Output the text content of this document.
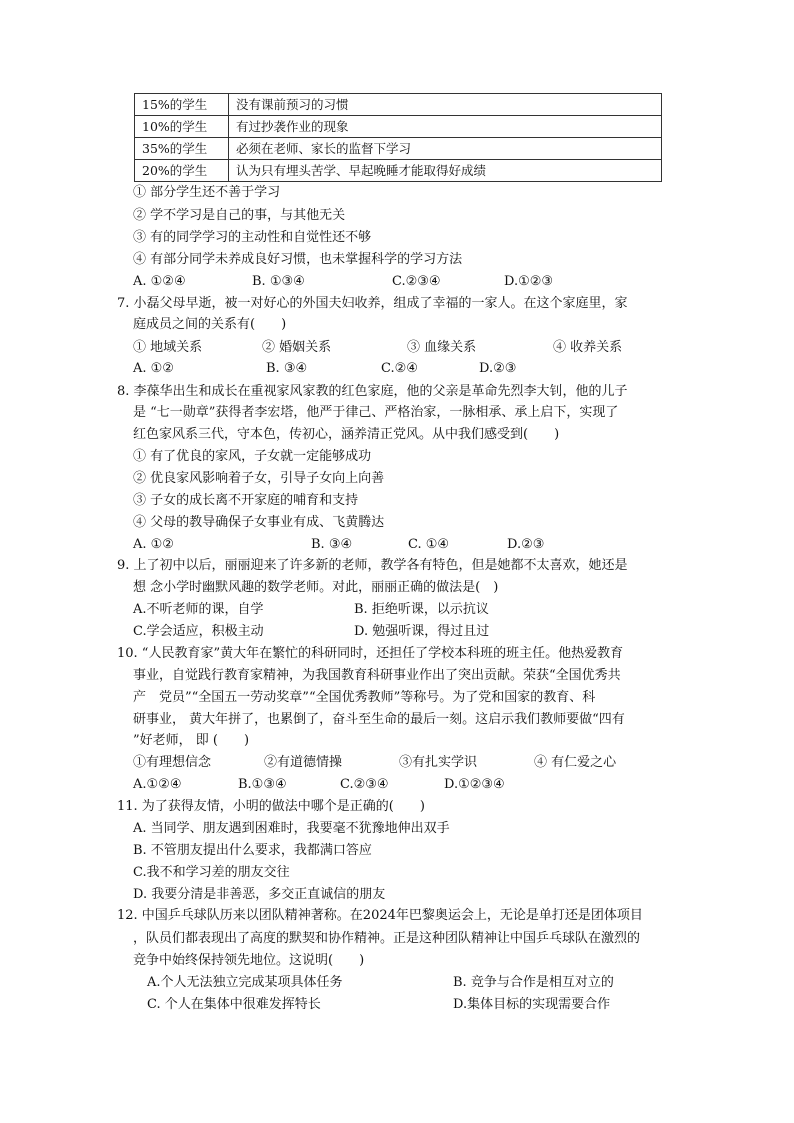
15%的学生	没有课前预习的习惯
10%的学生	有过抄袭作业的现象
35%的学生	必须在老师、家长的监督下学习
20%的学生	认为只有埋头苦学、早起晚睡才能取得好成绩
① 部分学生还不善于学习
② 学不学习是自己的事，与其他无关
③ 有的同学学习的主动性和自觉性还不够
④ 有部分同学未养成良好习惯，也未掌握科学的学习方法
A. ①②④	B. ①③④	C.②③④	D.①②③
7. 小磊父母早逝，被一对好心的外国夫妇收养，组成了幸福的一家人。在这个家庭里，家
庭成员之间的关系有(　　)
① 地域关系	② 婚姻关系	③ 血缘关系	④ 收养关系
A. ①②	B. ③④	C.②④	D.②③
8. 李葆华出生和成长在重视家风家教的红色家庭，他的父亲是革命先烈李大钊，他的儿子
是 “七一勋章”获得者李宏塔，他严于律己、严格治家，一脉相承、承上启下，实现了
红色家风系三代，守本色，传初心，涵养清正党风。从中我们感受到(　　)
① 有了优良的家风，子女就一定能够成功
② 优良家风影响着子女，引导子女向上向善
③ 子女的成长离不开家庭的哺育和支持
④ 父母的教导确保子女事业有成、飞黄腾达
A. ①②	B. ③④	C. ①④	D.②③
9. 上了初中以后，丽丽迎来了许多新的老师，教学各有特色，但是她都不太喜欢，她还是
想 念小学时幽默风趣的数学老师。对此，丽丽正确的做法是(　)
A.不听老师的课，自学	B. 拒绝听课，以示抗议
C.学会适应，积极主动	D. 勉强听课，得过且过
10. “人民教育家”黄大年在繁忙的科研同时，还担任了学校本科班的班主任。他热爱教育
事业，自觉践行教育家精神，为我国教育科研事业作出了突出贡献。荣获“全国优秀共
产　党员”“全国五一劳动奖章”“全国优秀教师”等称号。为了党和国家的教育、科
研事业， 黄大年拼了，也累倒了，奋斗至生命的最后一刻。这启示我们教师要做“四有
”好老师， 即 (　　)
①有理想信念	②有道德情操	③有扎实学识	④ 有仁爱之心
A.①②④	B.①③④	C.②③④	D.①②③④
11. 为了获得友情，小明的做法中哪个是正确的(　　)
A. 当同学、朋友遇到困难时，我要毫不犹豫地伸出双手
B. 不管朋友提出什么要求，我都满口答应
C.我不和学习差的朋友交往
D. 我要分清是非善恶，多交正直诚信的朋友
12. 中国乒乓球队历来以团队精神著称。在2024年巴黎奥运会上，无论是单打还是团体项目
，队员们都表现出了高度的默契和协作精神。正是这种团队精神让中国乒乓球队在激烈的
竞争中始终保持领先地位。这说明(　　)
A.个人无法独立完成某项具体任务	B. 竞争与合作是相互对立的
C. 个人在集体中很难发挥特长	D.集体目标的实现需要合作
